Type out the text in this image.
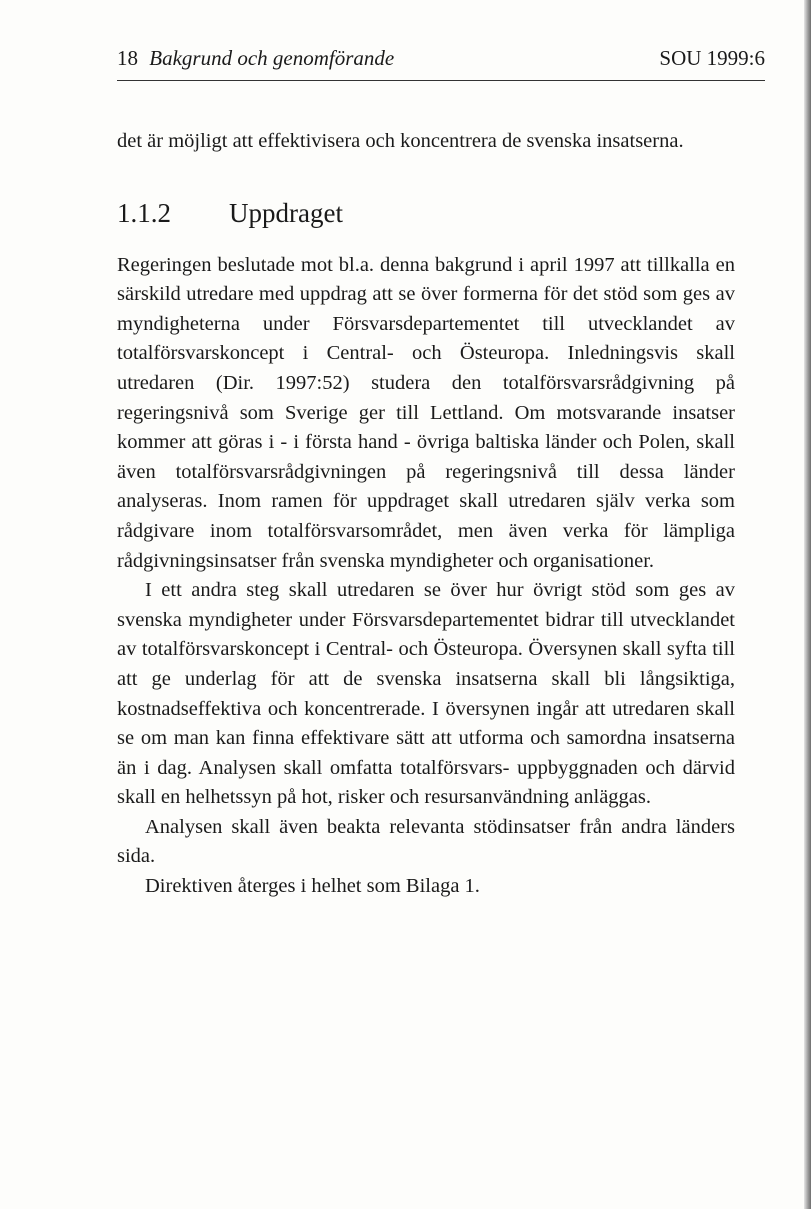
18 Bakgrund och genomförande	SOU 1999:6

det är möjligt att effektivisera och koncentrera de svenska insatserna.

1.1.2 Uppdraget

Regeringen beslutade mot bl.a. denna bakgrund i april 1997 att tillkalla en särskild utredare med uppdrag att se över formerna för det stöd som ges av myndigheterna under Försvarsdepartementet till utvecklandet av totalförsvarskoncept i Central- och Östeuropa. Inledningsvis skall utredaren (Dir. 1997:52) studera den totalförsvarsrådgivning på regeringsnivå som Sverige ger till Lettland. Om motsvarande insatser kommer att göras i - i första hand - övriga baltiska länder och Polen, skall även totalförsvarsrådgivningen på regeringsnivå till dessa länder analyseras. Inom ramen för uppdraget skall utredaren själv verka som rådgivare inom totalförsvarsområdet, men även verka för lämpliga rådgivningsinsatser från svenska myndigheter och organisationer.

I ett andra steg skall utredaren se över hur övrigt stöd som ges av svenska myndigheter under Försvarsdepartementet bidrar till utvecklandet av totalförsvarskoncept i Central- och Östeuropa. Översynen skall syfta till att ge underlag för att de svenska insatserna skall bli långsiktiga, kostnadseffektiva och koncentrerade. I översynen ingår att utredaren skall se om man kan finna effektivare sätt att utforma och samordna insatserna än i dag. Analysen skall omfatta totalförsvars- uppbyggnaden och därvid skall en helhetssyn på hot, risker och resursanvändning anläggas.

Analysen skall även beakta relevanta stödinsatser från andra länders sida.

Direktiven återges i helhet som Bilaga 1.
